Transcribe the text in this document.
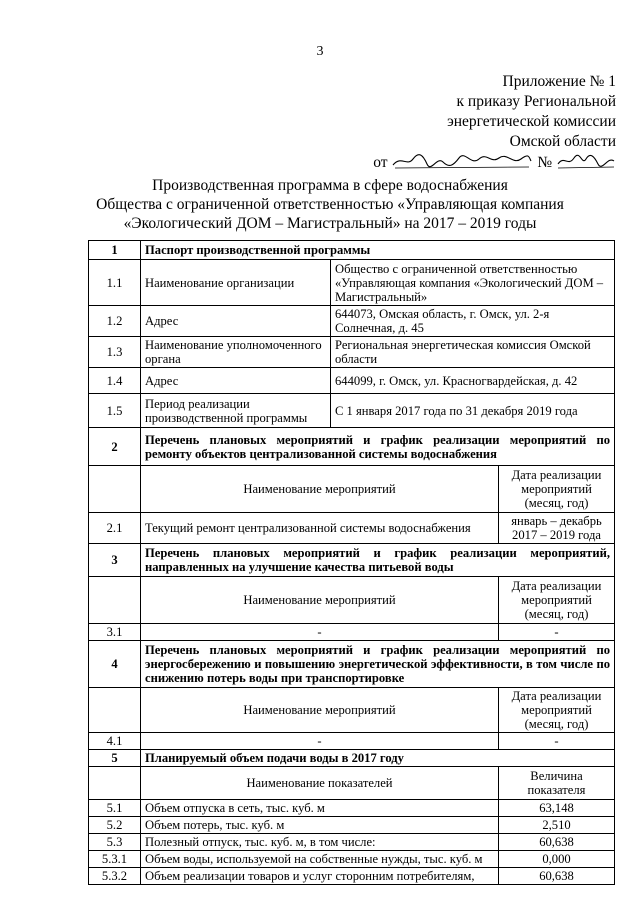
3
Приложение № 1
к приказу Региональной
энергетической комиссии
Омской области
от	№
Производственная программа в сфере водоснабжения
Общества с ограниченной ответственностью «Управляющая компания
«Экологический ДОМ – Магистральный» на 2017 – 2019 годы
1	Паспорт производственной программы		
1.1	Наименование организации	Общество с ограниченной ответственностью «Управляющая компания «Экологический ДОМ – Магистральный»	
1.2	Адрес	644073, Омская область, г. Омск, ул. 2-я Солнечная, д. 45	
1.3	Наименование уполномоченного органа	Региональная энергетическая комиссия Омской области	
1.4	Адрес	644099, г. Омск, ул. Красногвардейская, д. 42	
1.5	Период реализации производственной программы	С 1 января 2017 года по 31 декабря 2019 года	
2	Перечень плановых мероприятий и график реализации мероприятий по ремонту объектов централизованной системы водоснабжения		
	Наименование мероприятий		Дата реализации мероприятий (месяц, год)
2.1	Текущий ремонт централизованной системы водоснабжения		январь – декабрь 2017 – 2019 года
3	Перечень плановых мероприятий и график реализации мероприятий, направленных на улучшение качества питьевой воды		
	Наименование мероприятий		Дата реализации мероприятий (месяц, год)
3.1	-		-
4	Перечень плановых мероприятий и график реализации мероприятий по энергосбережению и повышению энергетической эффективности, в том числе по снижению потерь воды при транспортировке		
	Наименование мероприятий		Дата реализации мероприятий (месяц, год)
4.1	-		-
5	Планируемый объем подачи воды в 2017 году		
	Наименование показателей		Величина показателя
5.1	Объем отпуска в сеть, тыс. куб. м		63,148
5.2	Объем потерь, тыс. куб. м		2,510
5.3	Полезный отпуск, тыс. куб. м, в том числе:		60,638
5.3.1	Объем воды, используемой на собственные нужды, тыс. куб. м		0,000
5.3.2	Объем реализации товаров и услуг сторонним потребителям,		60,638
